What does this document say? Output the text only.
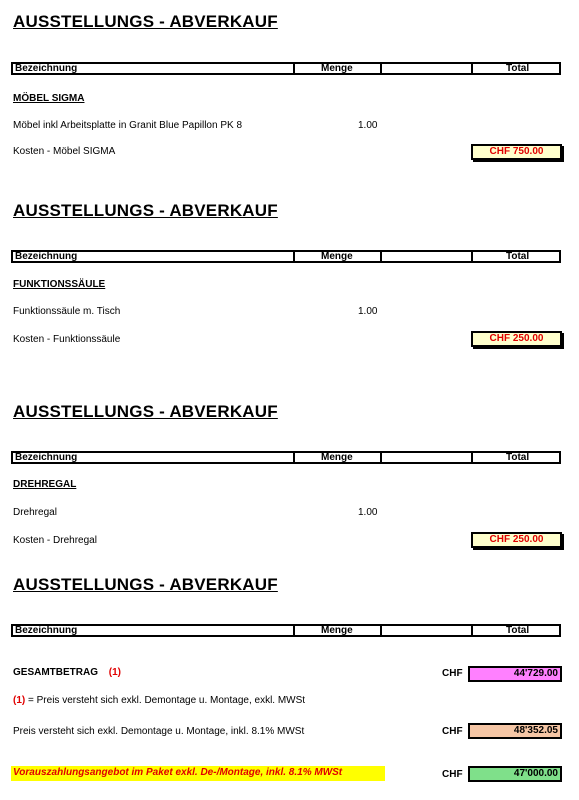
AUSSTELLUNGS - ABVERKAUF
Bezeichnung	Menge	Total
MÖBEL SIGMA
Möbel inkl Arbeitsplatte in Granit Blue Papillon PK 8	1.00
Kosten - Möbel SIGMA	CHF 750.00
AUSSTELLUNGS - ABVERKAUF
Bezeichnung	Menge	Total
FUNKTIONSSÄULE
Funktionssäule m. Tisch	1.00
Kosten - Funktionssäule	CHF 250.00
AUSSTELLUNGS - ABVERKAUF
Bezeichnung	Menge	Total
DREHREGAL
Drehregal	1.00
Kosten - Drehregal	CHF 250.00
AUSSTELLUNGS - ABVERKAUF
Bezeichnung	Menge	Total
GESAMTBETRAG (1)	CHF	44'729.00
(1) = Preis versteht sich exkl. Demontage u. Montage, exkl. MWSt
Preis versteht sich exkl. Demontage u. Montage, inkl. 8.1% MWSt	CHF	48'352.05
Vorauszahlungsangebot im Paket exkl. De-/Montage, inkl. 8.1% MWSt	CHF	47'000.00
